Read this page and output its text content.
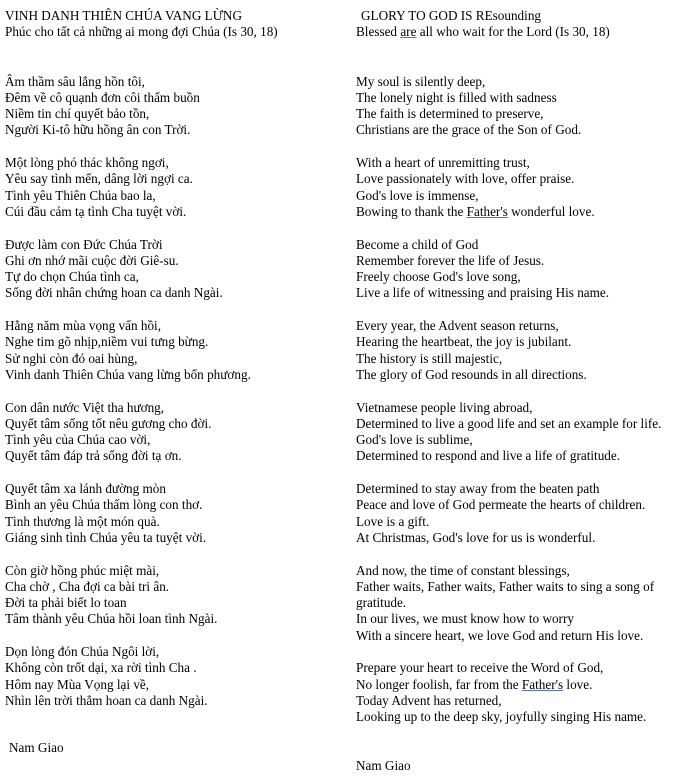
VINH DANH THIÊN CHÚA VANG LỪNG
Phúc cho tất cả những ai mong đợi Chúa (Is 30, 18)
Âm thầm sâu lắng hồn tôi,
Đêm về cô quạnh đơn côi thẩm buồn
Niềm tin chí quyết bảo tồn,
Người Ki-tô hữu hồng ân con Trời.
Một lòng phó thác không ngơi,
Yêu say tình mến, dâng lời ngợi ca.
Tình yêu Thiên Chúa bao la,
Cúi đầu cảm tạ tình Cha tuyệt vời.
Được làm con Đức Chúa Trời
Ghi ơn nhớ mãi cuộc đời Giê-su.
Tự do chọn Chúa tình ca,
Sống đời nhân chứng hoan ca danh Ngài.
Hằng năm mùa vọng vấn hồi,
Nghe tim gõ nhịp,niềm vui tưng bừng.
Sử nghi còn đó oai hùng,
Vinh danh Thiên Chúa vang lừng bốn phương.
Con dân nước Việt tha hương,
Quyết tâm sống tốt nêu gương cho đời.
Tình yêu của Chúa cao vời,
Quyết tâm đáp trả sống đời tạ ơn.
Quyết tâm xa lánh đường mòn
Bình an yêu Chúa thấm lòng con thơ.
Tình thương là một món quà.
Giáng sinh tình Chúa yêu ta tuyệt vời.
Còn giờ hồng phúc miệt mài,
Cha chờ , Cha đợi ca bài tri ân.
Đời ta phải biết lo toan
Tâm thành yêu Chúa hồi loan tình Ngài.
Dọn lòng đón Chúa Ngôi lời,
Không còn trốt dại, xa rời tình Cha .
Hôm nay Mùa Vọng lại về,
Nhìn lên trời thẳm hoan ca danh Ngài.
Nam Giao
GLORY TO GOD IS REsounding
Blessed are all who wait for the Lord (Is 30, 18)
My soul is silently deep,
The lonely night is filled with sadness
The faith is determined to preserve,
Christians are the grace of the Son of God.
With a heart of unremitting trust,
Love passionately with love, offer praise.
God's love is immense,
Bowing to thank the Father's wonderful love.
Become a child of God
Remember forever the life of Jesus.
Freely choose God's love song,
Live a life of witnessing and praising His name.
Every year, the Advent season returns,
Hearing the heartbeat, the joy is jubilant.
The history is still majestic,
The glory of God resounds in all directions.
Vietnamese people living abroad,
Determined to live a good life and set an example for life.
God's love is sublime,
Determined to respond and live a life of gratitude.
Determined to stay away from the beaten path
Peace and love of God permeate the hearts of children.
Love is a gift.
At Christmas, God's love for us is wonderful.
And now, the time of constant blessings,
Father waits, Father waits, Father waits to sing a song of gratitude.
In our lives, we must know how to worry
With a sincere heart, we love God and return His love.
Prepare your heart to receive the Word of God,
No longer foolish, far from the Father's love.
Today Advent has returned,
Looking up to the deep sky, joyfully singing His name.
Nam Giao
